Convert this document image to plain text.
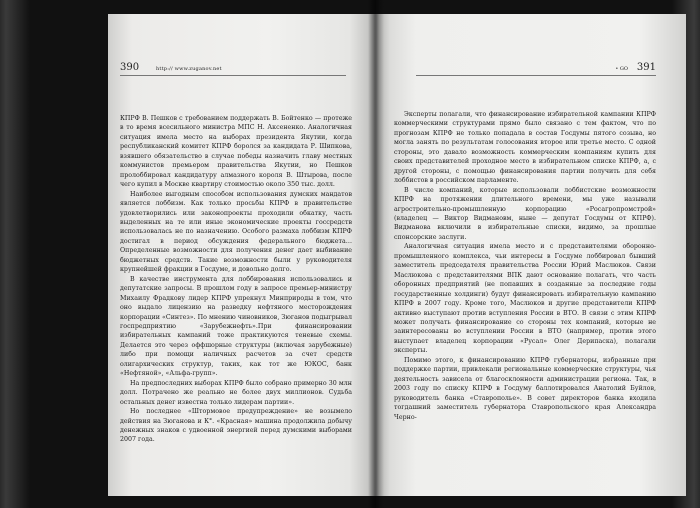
390	http:// www.zuganov.net

КПРФ В. Пешков с требованием поддержать В. Бойтенко — протеже в то время всесильного министра МПС Н. Аксененко. Аналогичная ситуация имела место на выборах президента Якутии, когда республиканский комитет КПРФ боролся за кандидата Р. Шипкова, взявшего обязательство в случае победы назначить главу местных коммунистов премьером правительства Якутии, но Пешков пролоббировал кандидатуру алмазного короля В. Штырова, после чего купил в Москве квартиру стоимостью около 350 тыс. долл.

Наиболее выгодным способом использования думских мандатов является лоббизм. Как только просьбы КПРФ в правительстве удовлетворились или законопроекты проходили обкатку, часть выделенных на те или иные экономические проекты госсредств использовалась не по назначению. Особого размаха лоббизм КПРФ достигал в период обсуждения федерального бюджета… Определенные возможности для получения денег дает выбивание бюджетных средств. Такие возможности были у руководителя крупнейшей фракции в Госдуме, и довольно долго.

В качестве инструмента для лоббирования использовались и депутатские запросы. В прошлом году в запросе премьер-министру Михаилу Фрадкову лидер КПРФ упрекнул Минприроды в том, что оно выдало лицензию на разведку нефтяного месторождения корпорации «Синтез». По мнению чиновников, Зюганов подыгрывал госпредприятию «Зарубежнефть».При финансировании избирательных кампаний тоже практикуются теневые схемы. Делается это через оффшорные структуры (включая зарубежные) либо при помощи наличных расчетов за счет средств олигархических структур, таких, как тот же ЮКОС, банк «Нефтяной», «Альфа-групп».

На предпоследних выборах КПРФ было собрано примерно 30 млн долл. Потрачено же реально не более двух миллионов. Судьба остальных денег известна только лидерам партии».

Но последнее «Штормовое предупреждение» не возымело действия на Зюганова и К°. «Красная» машина продолжила добычу денежных знаков с удвоенной энергией перед думскими выборами 2007 года.

• GO 391

Эксперты полагали, что финансирование избирательной кампании КПРФ коммерческими структурами прямо было связано с тем фактом, что по прогнозам КПРФ не только попадала в состав Госдумы пятого созыва, но могла занять по результатам голосования второе или третье место. С одной стороны, это давало возможность коммерческим компаниям купить для своих представителей проходное место в избирательном списке КПРФ, а, с другой стороны, с помощью финансирования партии получить для себя лоббистов в российском парламенте.

В числе компаний, которые использовали лоббистские возможности КПРФ на протяжении длительного времени, мы уже называли агростроительно-промышленную корпорацию «Росагропромстрой» (владелец — Виктор Видмановм, ныне — депутат Госдумы от КПРФ). Видманова включили в избирательные списки, видимо, за прошлые спонсорские заслуги.

Аналогичная ситуация имела место и с представителями оборонно-промышленного комплекса, чьи интересы в Госдуме лоббировал бывший заместитель председателя правительства России Юрий Маслюков. Связи Маслюкова с представителями ВПК дают основание полагать, что часть оборонных предприятий (не попавших в созданные за последние годы государственные холдинги) будут финансировать избирательную кампанию КПРФ в 2007 году. Кроме того, Маслюков и другие представители КПРФ активно выступают против вступления России в ВТО. В связи с этим КПРФ может получать финансирование со стороны тех компаний, которые не заинтересованы во вступлении России в ВТО (например, против этого выступает владелец корпорации «Русал» Олег Дерипаска), полагали эксперты.

Помимо этого, к финансированию КПРФ губернаторы, избранные при поддержке партии, привлекали региональные коммерческие структуры, чья деятельность зависела от благосклонности администрации региона. Так, в 2003 году по списку КПРФ в Госдуму баллотировался Анатолий Буйлов, руководитель банка «Ставрополье». В совет директоров банка входила тогдашний заместитель губернатора Ставропольского края Александра Черно-
